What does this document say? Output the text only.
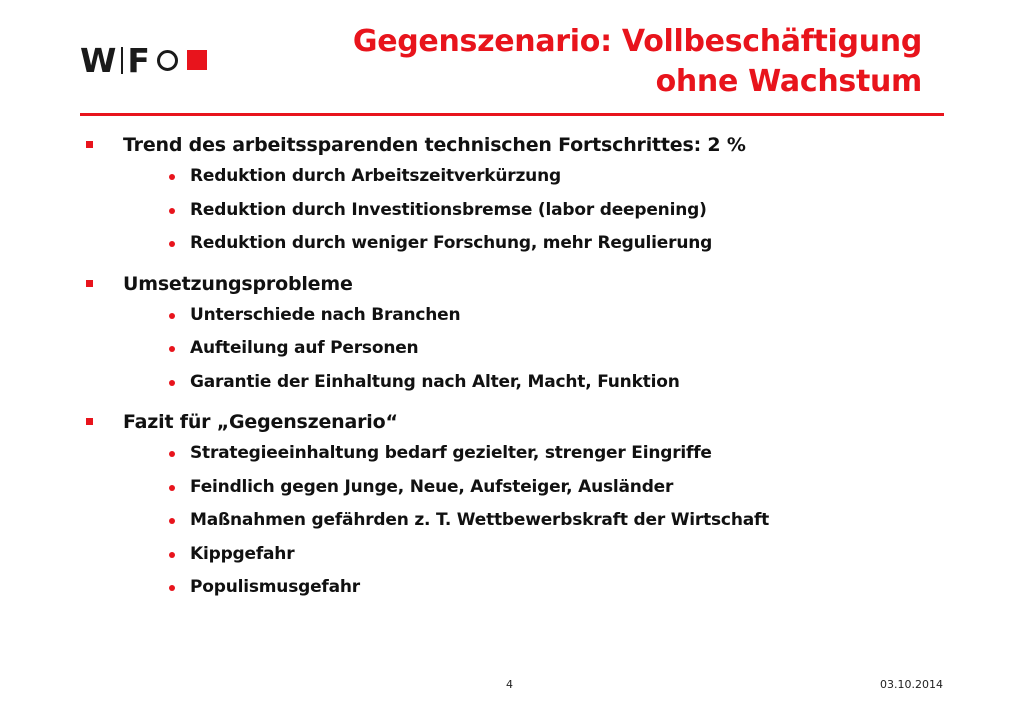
W F	Gegenszenario: Vollbeschäftigung
ohne Wachstum
Trend des arbeitssparenden technischen Fortschrittes: 2 %
Reduktion durch Arbeitszeitverkürzung
Reduktion durch Investitionsbremse (labor deepening)
Reduktion durch weniger Forschung, mehr Regulierung
Umsetzungsprobleme
Unterschiede nach Branchen
Aufteilung auf Personen
Garantie der Einhaltung nach Alter, Macht, Funktion
Fazit für „Gegenszenario“
Strategieeinhaltung bedarf gezielter, strenger Eingriffe
Feindlich gegen Junge, Neue, Aufsteiger, Ausländer
Maßnahmen gefährden z. T. Wettbewerbskraft der Wirtschaft
Kippgefahr
Populismusgefahr
4	03.10.2014
